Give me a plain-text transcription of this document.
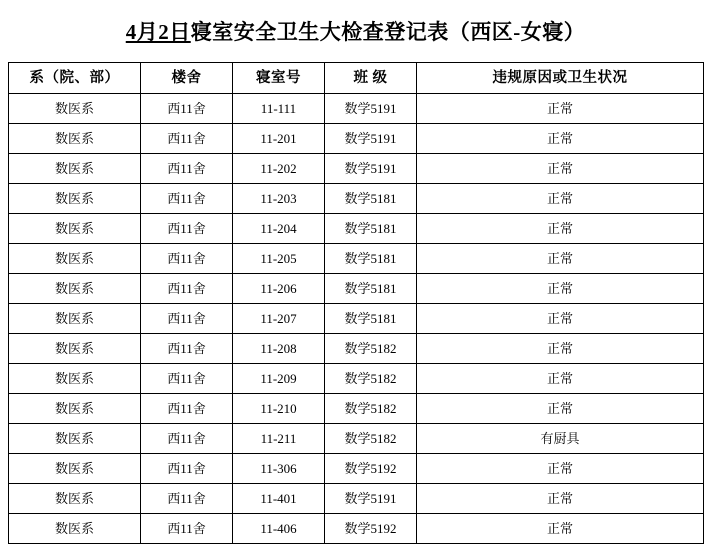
4月2日寝室安全卫生大检查登记表（西区-女寝）
系（院、部）	楼舍	寝室号	班 级	违规原因或卫生状况

数医系	西11舍	11-111	数学5191	正常

数医系	西11舍	11-201	数学5191	正常

数医系	西11舍	11-202	数学5191	正常

数医系	西11舍	11-203	数学5181	正常

数医系	西11舍	11-204	数学5181	正常

数医系	西11舍	11-205	数学5181	正常

数医系	西11舍	11-206	数学5181	正常

数医系	西11舍	11-207	数学5181	正常

数医系	西11舍	11-208	数学5182	正常

数医系	西11舍	11-209	数学5182	正常

数医系	西11舍	11-210	数学5182	正常

数医系	西11舍	11-211	数学5182	有厨具

数医系	西11舍	11-306	数学5192	正常

数医系	西11舍	11-401	数学5191	正常

数医系	西11舍	11-406	数学5192	正常
